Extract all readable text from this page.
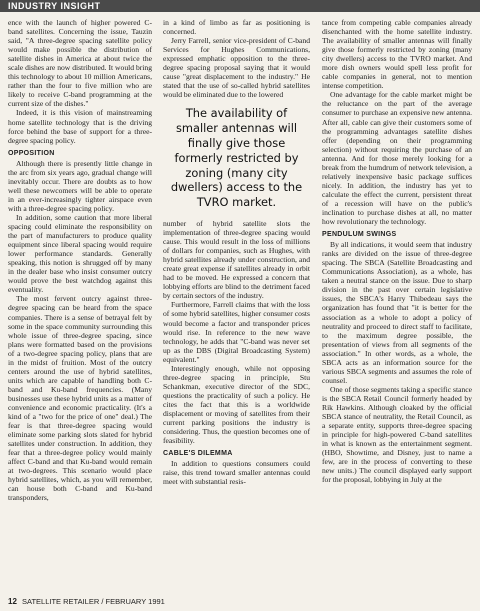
INDUSTRY INSIGHT

ence with the launch of higher powered C-band satellites. Concerning the issue, Tauzin said, "A three-degree spacing satellite policy would make possible the distribution of satellite dishes in America at about twice the scale dishes are now distributed. It would bring this technology to about 10 million Americans, rather than the four to five million who are likely to receive C-band programming at the current size of the dishes."

Indeed, it is this vision of mainstreaming home satellite technology that is the driving force behind the base of support for a three-degree spacing policy.

OPPOSITION

Although there is presently little change in the arc from six years ago, gradual change will inevitably occur. There are doubts as to how well these newcomers will be able to operate in an ever-increasingly tighter airspace even with a three-degree spacing policy.

In addition, some caution that more liberal spacing could eliminate the responsibility on the part of manufacturers to produce quality equipment since liberal spacing would require lower performance standards. Generally speaking, this notion is shrugged off by many in the dealer base who insist consumer outcry would prove the best watchdog against this eventuality.

The most fervent outcry against three-degree spacing can be heard from the space companies. There is a sense of betrayal felt by some in the space community surrounding this whole issue of three-degree spacing, since plans were formatted based on the provisions of a two-degree spacing policy, plans that are in the midst of fruition. Most of the outcry centers around the use of hybrid satellites, units which are capable of handling both C-band and Ku-band frequencies. (Many businesses use these hybrid units as a matter of convenience and economic practicality. (It's a kind of a "two for the price of one" deal.) The fear is that three-degree spacing would eliminate some parking slots slated for hybrid satellites under construction. In addition, they fear that a three-degree policy would mainly affect C-band and that Ku-band would remain at two-degrees. This scenario would place hybrid satellites, which, as you will remember, can house both C-band and Ku-band transponders,

in a kind of limbo as far as positioning is concerned.

Jerry Farrell, senior vice-president of C-band Services for Hughes Communications, expressed emphatic opposition to the three-degree spacing proposal saying that it would cause "great displacement to the industry." He stated that the use of so-called hybrid satellites would be eliminated due to the lowered

The availability of smaller antennas will finally give those formerly restricted by zoning (many city dwellers) access to the TVRO market.

number of hybrid satellite slots the implementation of three-degree spacing would cause. This would result in the loss of millions of dollars for companies, such as Hughes, with hybrid satellites already under construction, and create great expense if satellites already in orbit had to be moved. He expressed a concern that lobbying efforts are blind to the detriment faced by certain sectors of the industry.

Furthermore, Farrell claims that with the loss of some hybrid satellites, higher consumer costs would become a factor and transponder prices would rise. In reference to the new wave technology, he adds that "C-band was never set up as the DBS (Digital Broadcasting System) equivalent."

Interestingly enough, while not opposing three-degree spacing in principle, Stu Schankman, executive director of the SDC, questions the practicality of such a policy. He cites the fact that this is a worldwide displacement or moving of satellites from their current parking positions the industry is considering. Thus, the question becomes one of feasibility.

CABLE'S DILEMMA

In addition to questions consumers could raise, this trend toward smaller antennas could meet with substantial resis-

tance from competing cable companies already disenchanted with the home satellite industry. The availability of smaller antennas will finally give those formerly restricted by zoning (many city dwellers) access to the TVRO market. And more dish owners would spell less profit for cable companies in general, not to mention intense competition.

One advantage for the cable market might be the reluctance on the part of the average consumer to purchase an expensive new antenna. After all, cable can give their customers some of the programming advantages satellite dishes offer (depending on their programming selection) without requiring the purchase of an antenna. And for those merely looking for a break from the humdrum of network television, a relatively inexpensive basic package suffices nicely. In addition, the industry has yet to calculate the effect the current, persistent threat of a recession will have on the public's inclination to purchase dishes at all, no matter how revolutionary the technology.

PENDULUM SWINGS

By all indications, it would seem that industry ranks are divided on the issue of three-degree spacing. The SBCA (Satellite Broadcasting and Communications Association), as a whole, has taken a neutral stance on the issue. Due to sharp division in the past over certain legislative issues, the SBCA's Harry Thibedeau says the organization has found that "it is better for the association as a whole to adopt a policy of neutrality and proceed to direct staff to facilitate, to the maximum degree possible, the presentation of views from all segments of the association." In other words, as a whole, the SBCA acts as an information source for the various SBCA segments and assumes the role of counsel.

One of those segments taking a specific stance is the SBCA Retail Council formerly headed by Rik Hawkins. Although cloaked by the official SBCA stance of neutrality, the Retail Council, as a separate entity, supports three-degree spacing in principle for high-powered C-band satellites in what is known as the entertainment segment. (HBO, Showtime, and Disney, just to name a few, are in the process of converting to these new units.) The council displayed early support for the proposal, lobbying in July at the

12 SATELLITE RETAILER / FEBRUARY 1991
